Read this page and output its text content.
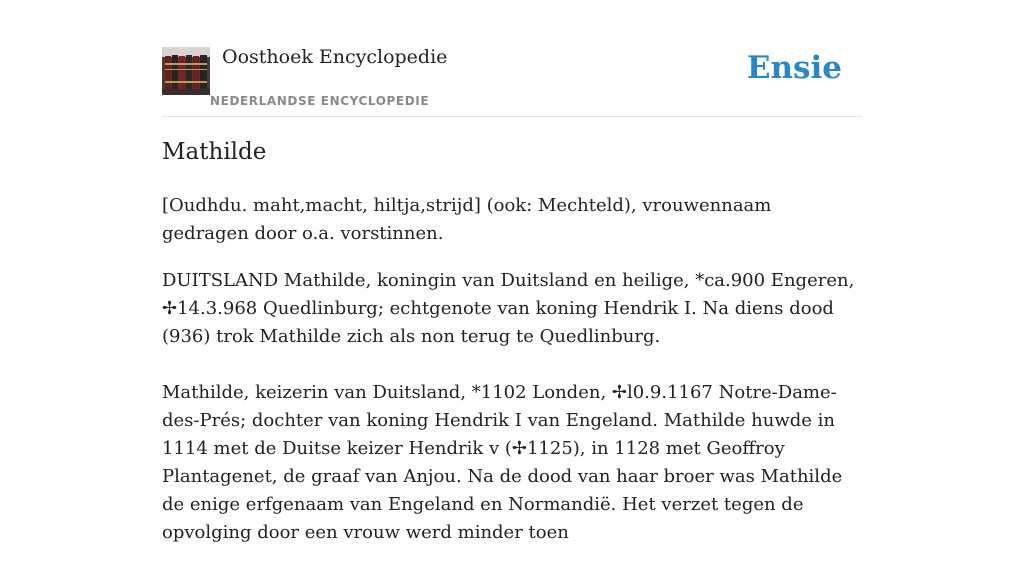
Oosthoek Encyclopedie
NEDERLANDSE ENCYCLOPEDIE
Ensie
Mathilde

[Oudhdu. maht,macht, hiltja,strijd] (ook: Mechteld), vrouwennaam gedragen door o.a. vorstinnen.

DUITSLAND Mathilde, koningin van Duitsland en heilige, *ca.900 Engeren, ✢14.3.968 Quedlinburg; echtgenote van koning Hendrik I. Na diens dood (936) trok Mathilde zich als non terug te Quedlinburg.

Mathilde, keizerin van Duitsland, *1102 Londen, ✢l0.9.1167 Notre-Dame-des-Prés; dochter van koning Hendrik I van Engeland. Mathilde huwde in 1114 met de Duitse keizer Hendrik v (✢1125), in 1128 met Geoffroy Plantagenet, de graaf van Anjou. Na de dood van haar broer was Mathilde de enige erfgenaam van Engeland en Normandië. Het verzet tegen de opvolging door een vrouw werd minder toen
